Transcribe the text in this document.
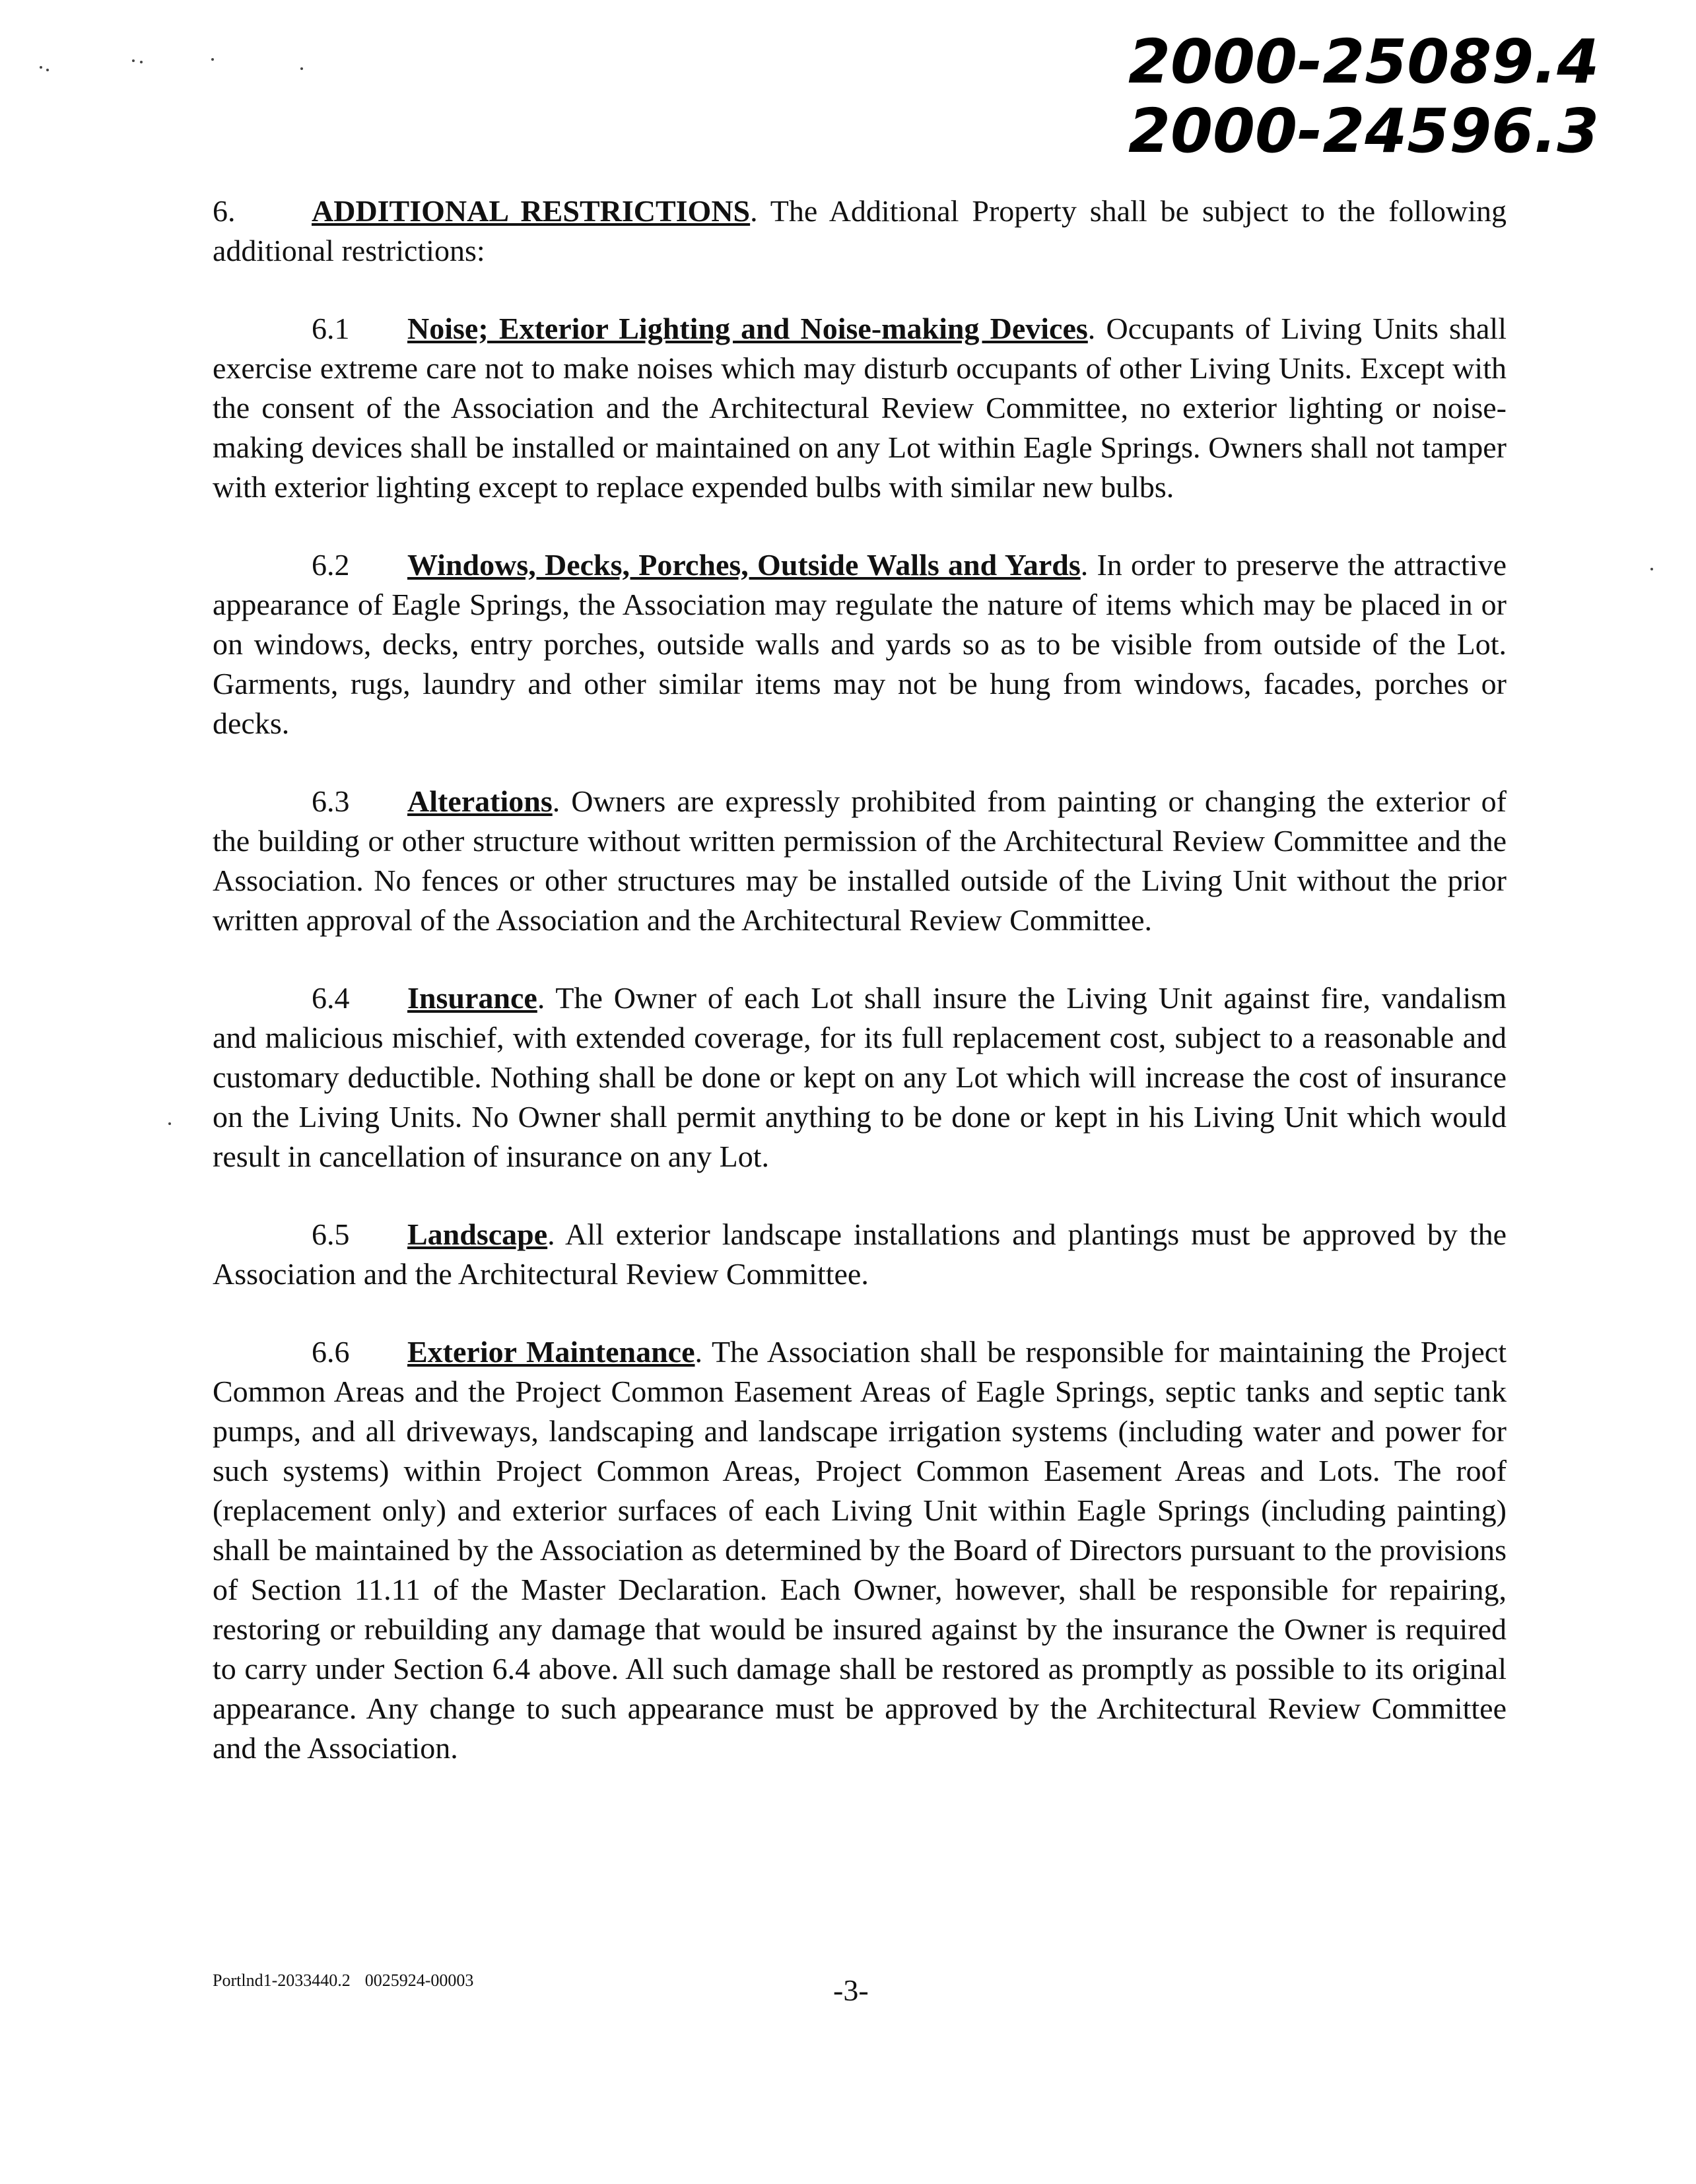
2000-25089.4
2000-24596.3

6.	ADDITIONAL RESTRICTIONS. The Additional Property shall be subject to the following additional restrictions:

6.1 Noise; Exterior Lighting and Noise-making Devices. Occupants of Living Units shall exercise extreme care not to make noises which may disturb occupants of other Living Units. Except with the consent of the Association and the Architectural Review Committee, no exterior lighting or noise-making devices shall be installed or maintained on any Lot within Eagle Springs. Owners shall not tamper with exterior lighting except to replace expended bulbs with similar new bulbs.

6.2 Windows, Decks, Porches, Outside Walls and Yards. In order to preserve the attractive appearance of Eagle Springs, the Association may regulate the nature of items which may be placed in or on windows, decks, entry porches, outside walls and yards so as to be visible from outside of the Lot. Garments, rugs, laundry and other similar items may not be hung from windows, facades, porches or decks.

6.3 Alterations. Owners are expressly prohibited from painting or changing the exterior of the building or other structure without written permission of the Architectural Review Committee and the Association. No fences or other structures may be installed outside of the Living Unit without the prior written approval of the Association and the Architectural Review Committee.

6.4 Insurance. The Owner of each Lot shall insure the Living Unit against fire, vandalism and malicious mischief, with extended coverage, for its full replacement cost, subject to a reasonable and customary deductible. Nothing shall be done or kept on any Lot which will increase the cost of insurance on the Living Units. No Owner shall permit anything to be done or kept in his Living Unit which would result in cancellation of insurance on any Lot.

6.5 Landscape. All exterior landscape installations and plantings must be approved by the Association and the Architectural Review Committee.

6.6 Exterior Maintenance. The Association shall be responsible for maintaining the Project Common Areas and the Project Common Easement Areas of Eagle Springs, septic tanks and septic tank pumps, and all driveways, landscaping and landscape irrigation systems (including water and power for such systems) within Project Common Areas, Project Common Easement Areas and Lots. The roof (replacement only) and exterior surfaces of each Living Unit within Eagle Springs (including painting) shall be maintained by the Association as determined by the Board of Directors pursuant to the provisions of Section 11.11 of the Master Declaration. Each Owner, however, shall be responsible for repairing, restoring or rebuilding any damage that would be insured against by the insurance the Owner is required to carry under Section 6.4 above. All such damage shall be restored as promptly as possible to its original appearance. Any change to such appearance must be approved by the Architectural Review Committee and the Association.

Portlnd1-2033440.2 0025924-00003	-3-
